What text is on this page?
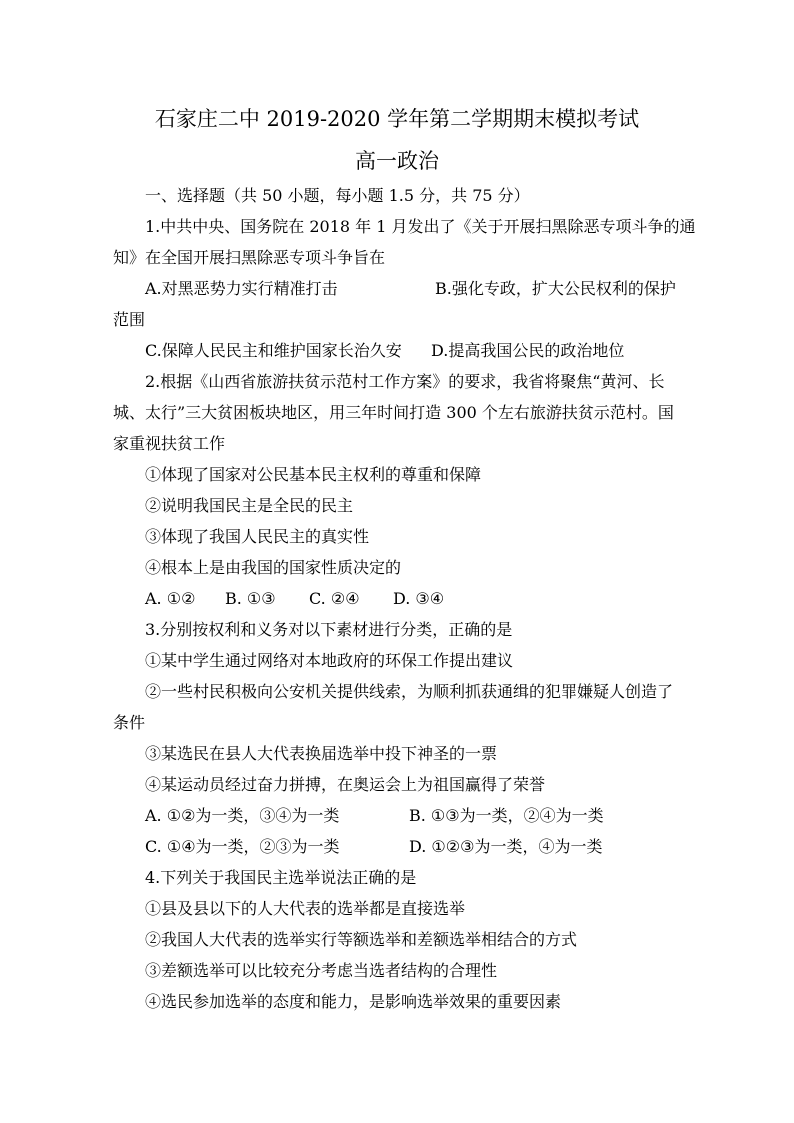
石家庄二中 2019-2020 学年第二学期期末模拟考试
高一政治
一、选择题（共 50 小题，每小题 1.5 分，共 75 分）
1.中共中央、国务院在 2018 年 1 月发出了《关于开展扫黑除恶专项斗争的通
知》在全国开展扫黑除恶专项斗争旨在
A.对黑恶势力实行精准打击	B.强化专政，扩大公民权利的保护
范围
C.保障人民民主和维护国家长治久安 D.提高我国公民的政治地位
2.根据《山西省旅游扶贫示范村工作方案》的要求，我省将聚焦“黄河、长
城、太行”三大贫困板块地区，用三年时间打造 300 个左右旅游扶贫示范村。国
家重视扶贫工作
①体现了国家对公民基本民主权利的尊重和保障
②说明我国民主是全民的民主
③体现了我国人民民主的真实性
④根本上是由我国的国家性质决定的
A. ①② B. ①③ C. ②④ D. ③④
3.分别按权利和义务对以下素材进行分类，正确的是
①某中学生通过网络对本地政府的环保工作提出建议
②一些村民积极向公安机关提供线索，为顺利抓获通缉的犯罪嫌疑人创造了
条件
③某选民在县人大代表换届选举中投下神圣的一票
④某运动员经过奋力拼搏，在奥运会上为祖国赢得了荣誉
A. ①②为一类，③④为一类	B. ①③为一类，②④为一类
C. ①④为一类，②③为一类	D. ①②③为一类，④为一类
4.下列关于我国民主选举说法正确的是
①县及县以下的人大代表的选举都是直接选举
②我国人大代表的选举实行等额选举和差额选举相结合的方式
③差额选举可以比较充分考虑当选者结构的合理性
④选民参加选举的态度和能力，是影响选举效果的重要因素
